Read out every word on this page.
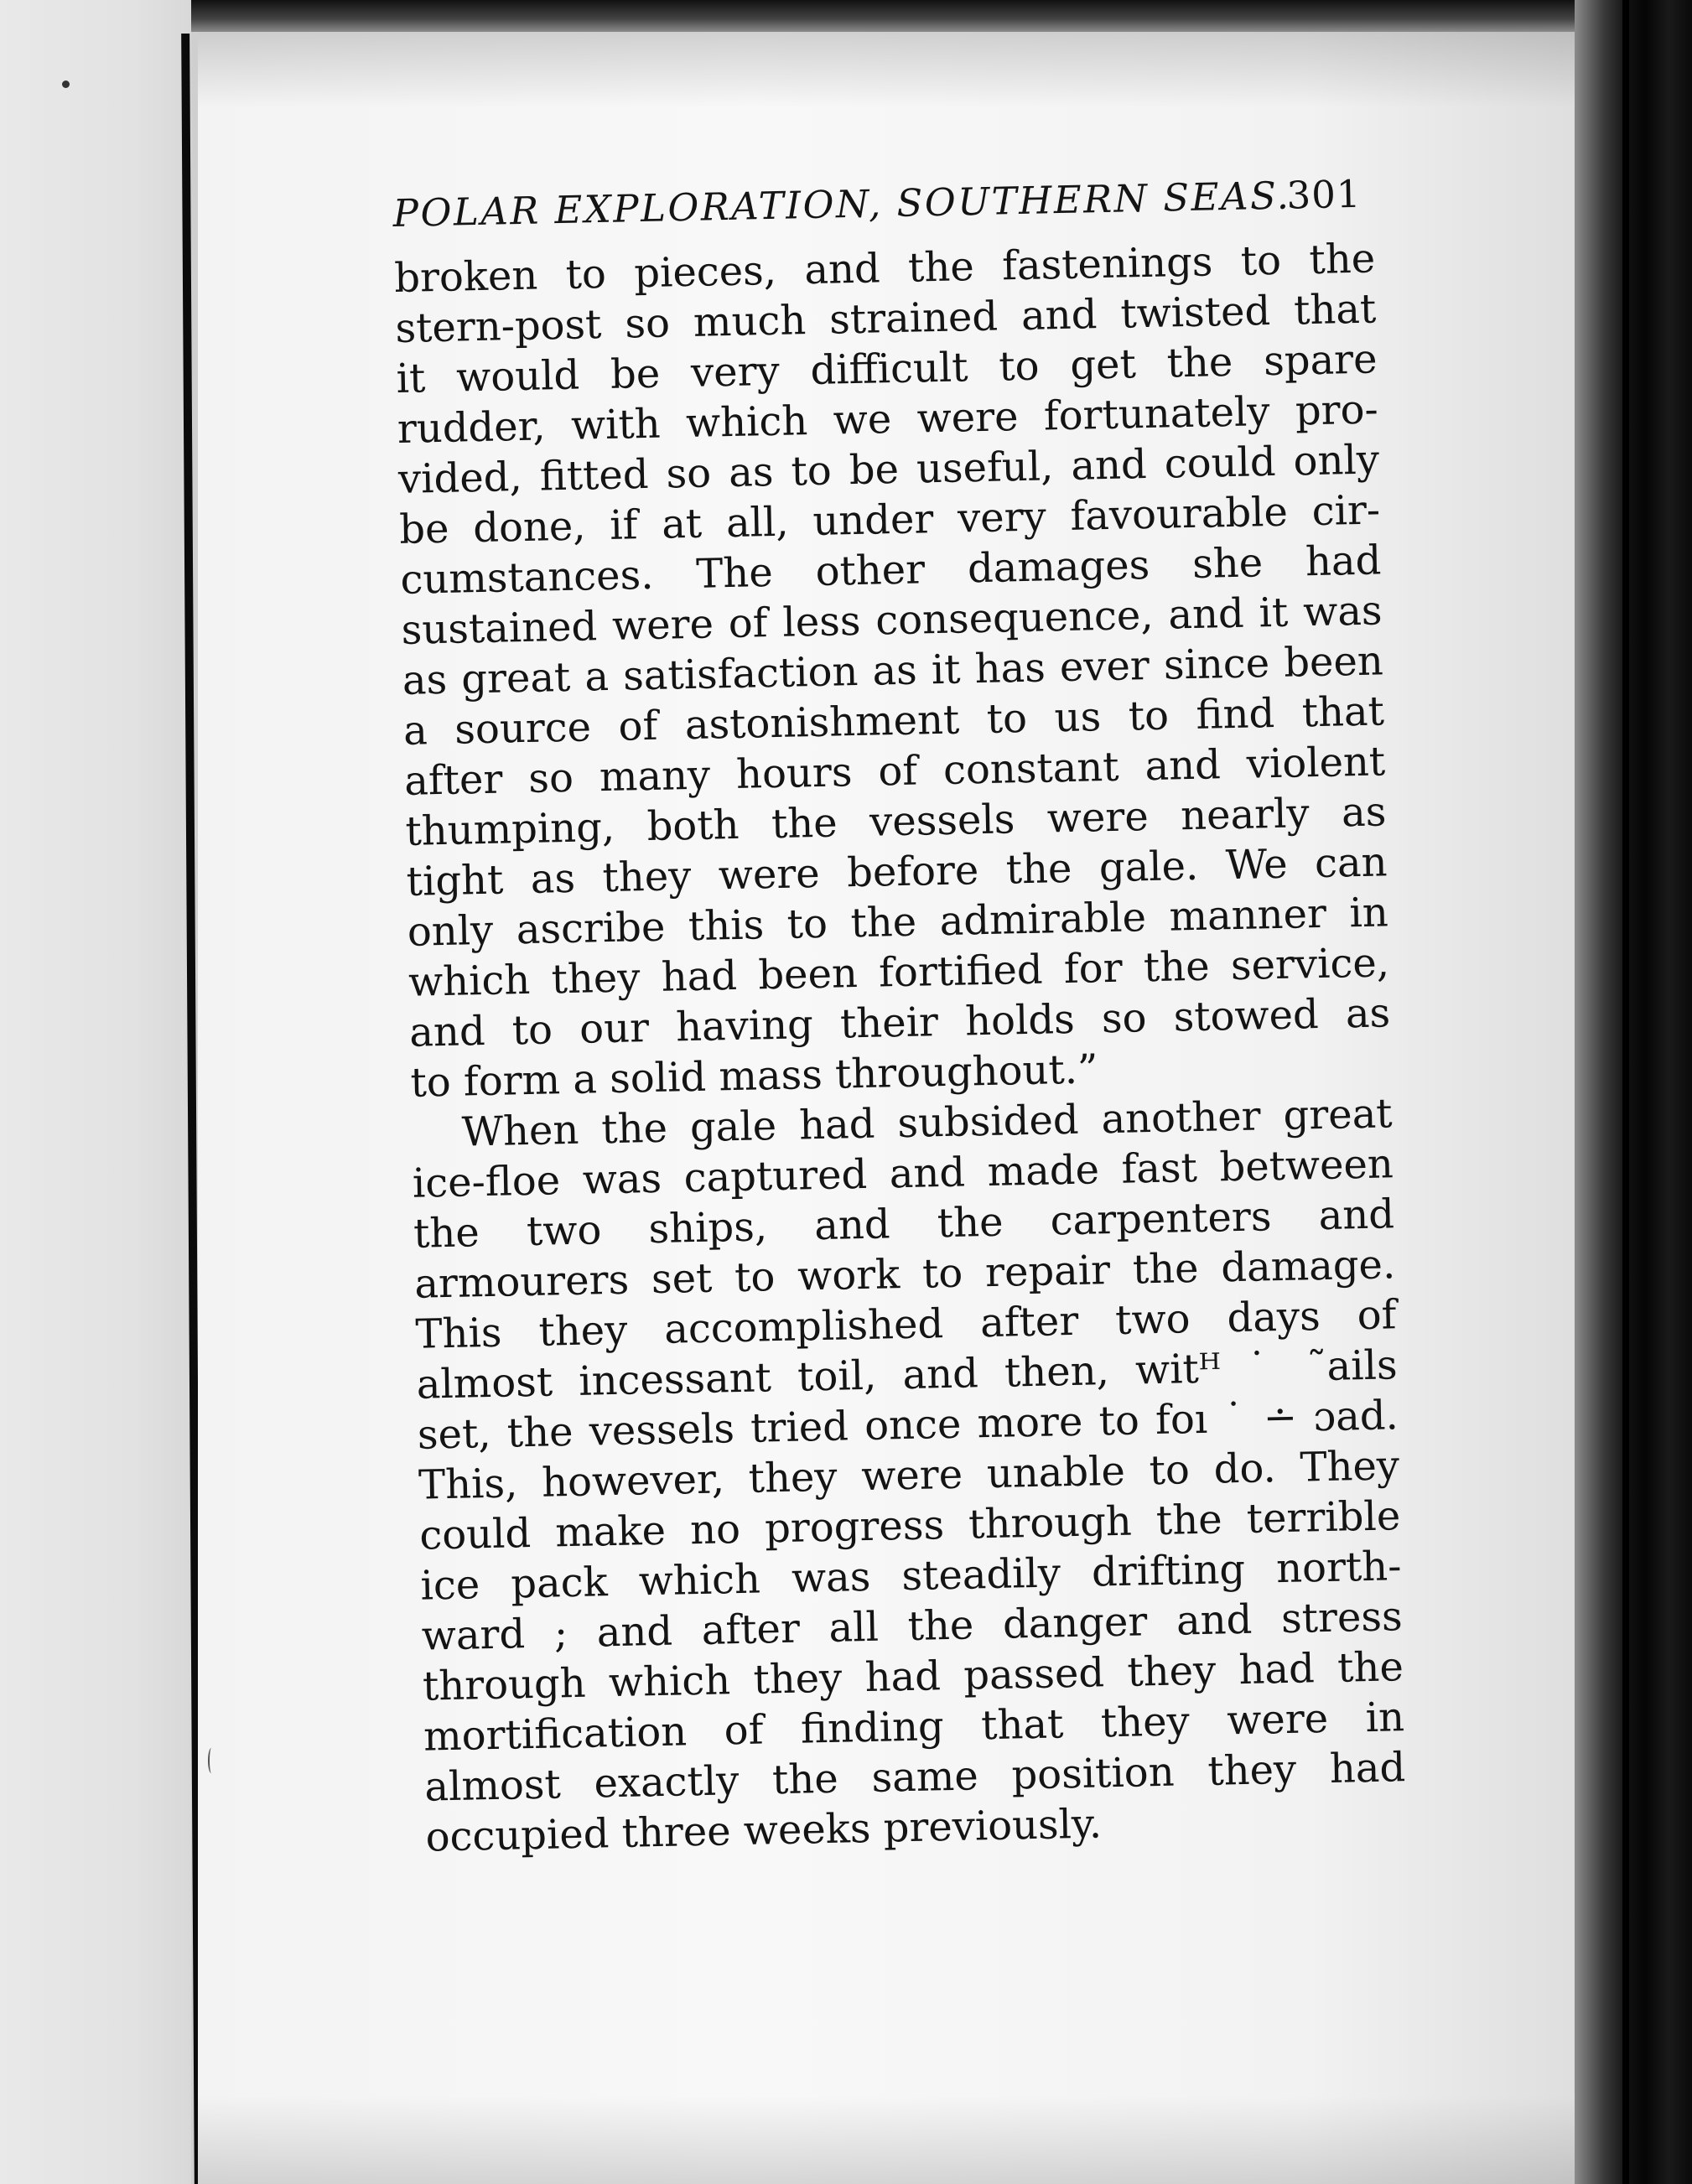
POLAR EXPLORATION, SOUTHERN SEAS.
301
broken to pieces, and the fastenings to the
stern-post so much strained and twisted that
it would be very difficult to get the spare
rudder, with which we were fortunately pro-
vided, fitted so as to be useful, and could only
be done, if at all, under very favourable cir-
cumstances. The other damages she had
sustained were of less consequence, and it was
as great a satisfaction as it has ever since been
a source of astonishment to us to find that
after so many hours of constant and violent
thumping, both the vessels were nearly as
tight as they were before the gale. We can
only ascribe this to the admirable manner in
which they had been fortified for the service,
and to our having their holds so stowed as
to form a solid mass throughout.”
When the gale had subsided another great
ice-floe was captured and made fast between
the two ships, and the carpenters and
armourers set to work to repair the damage.
This they accomplished after two days of
almost incessant toil, and then, witᴴ ˙ ˜ails
set, the vessels tried once more to foı ˙ ∸ ɔad.
This, however, they were unable to do. They
could make no progress through the terrible
ice pack which was steadily drifting north-
ward ; and after all the danger and stress
through which they had passed they had the
mortification of finding that they were in
almost exactly the same position they had
occupied three weeks previously.
